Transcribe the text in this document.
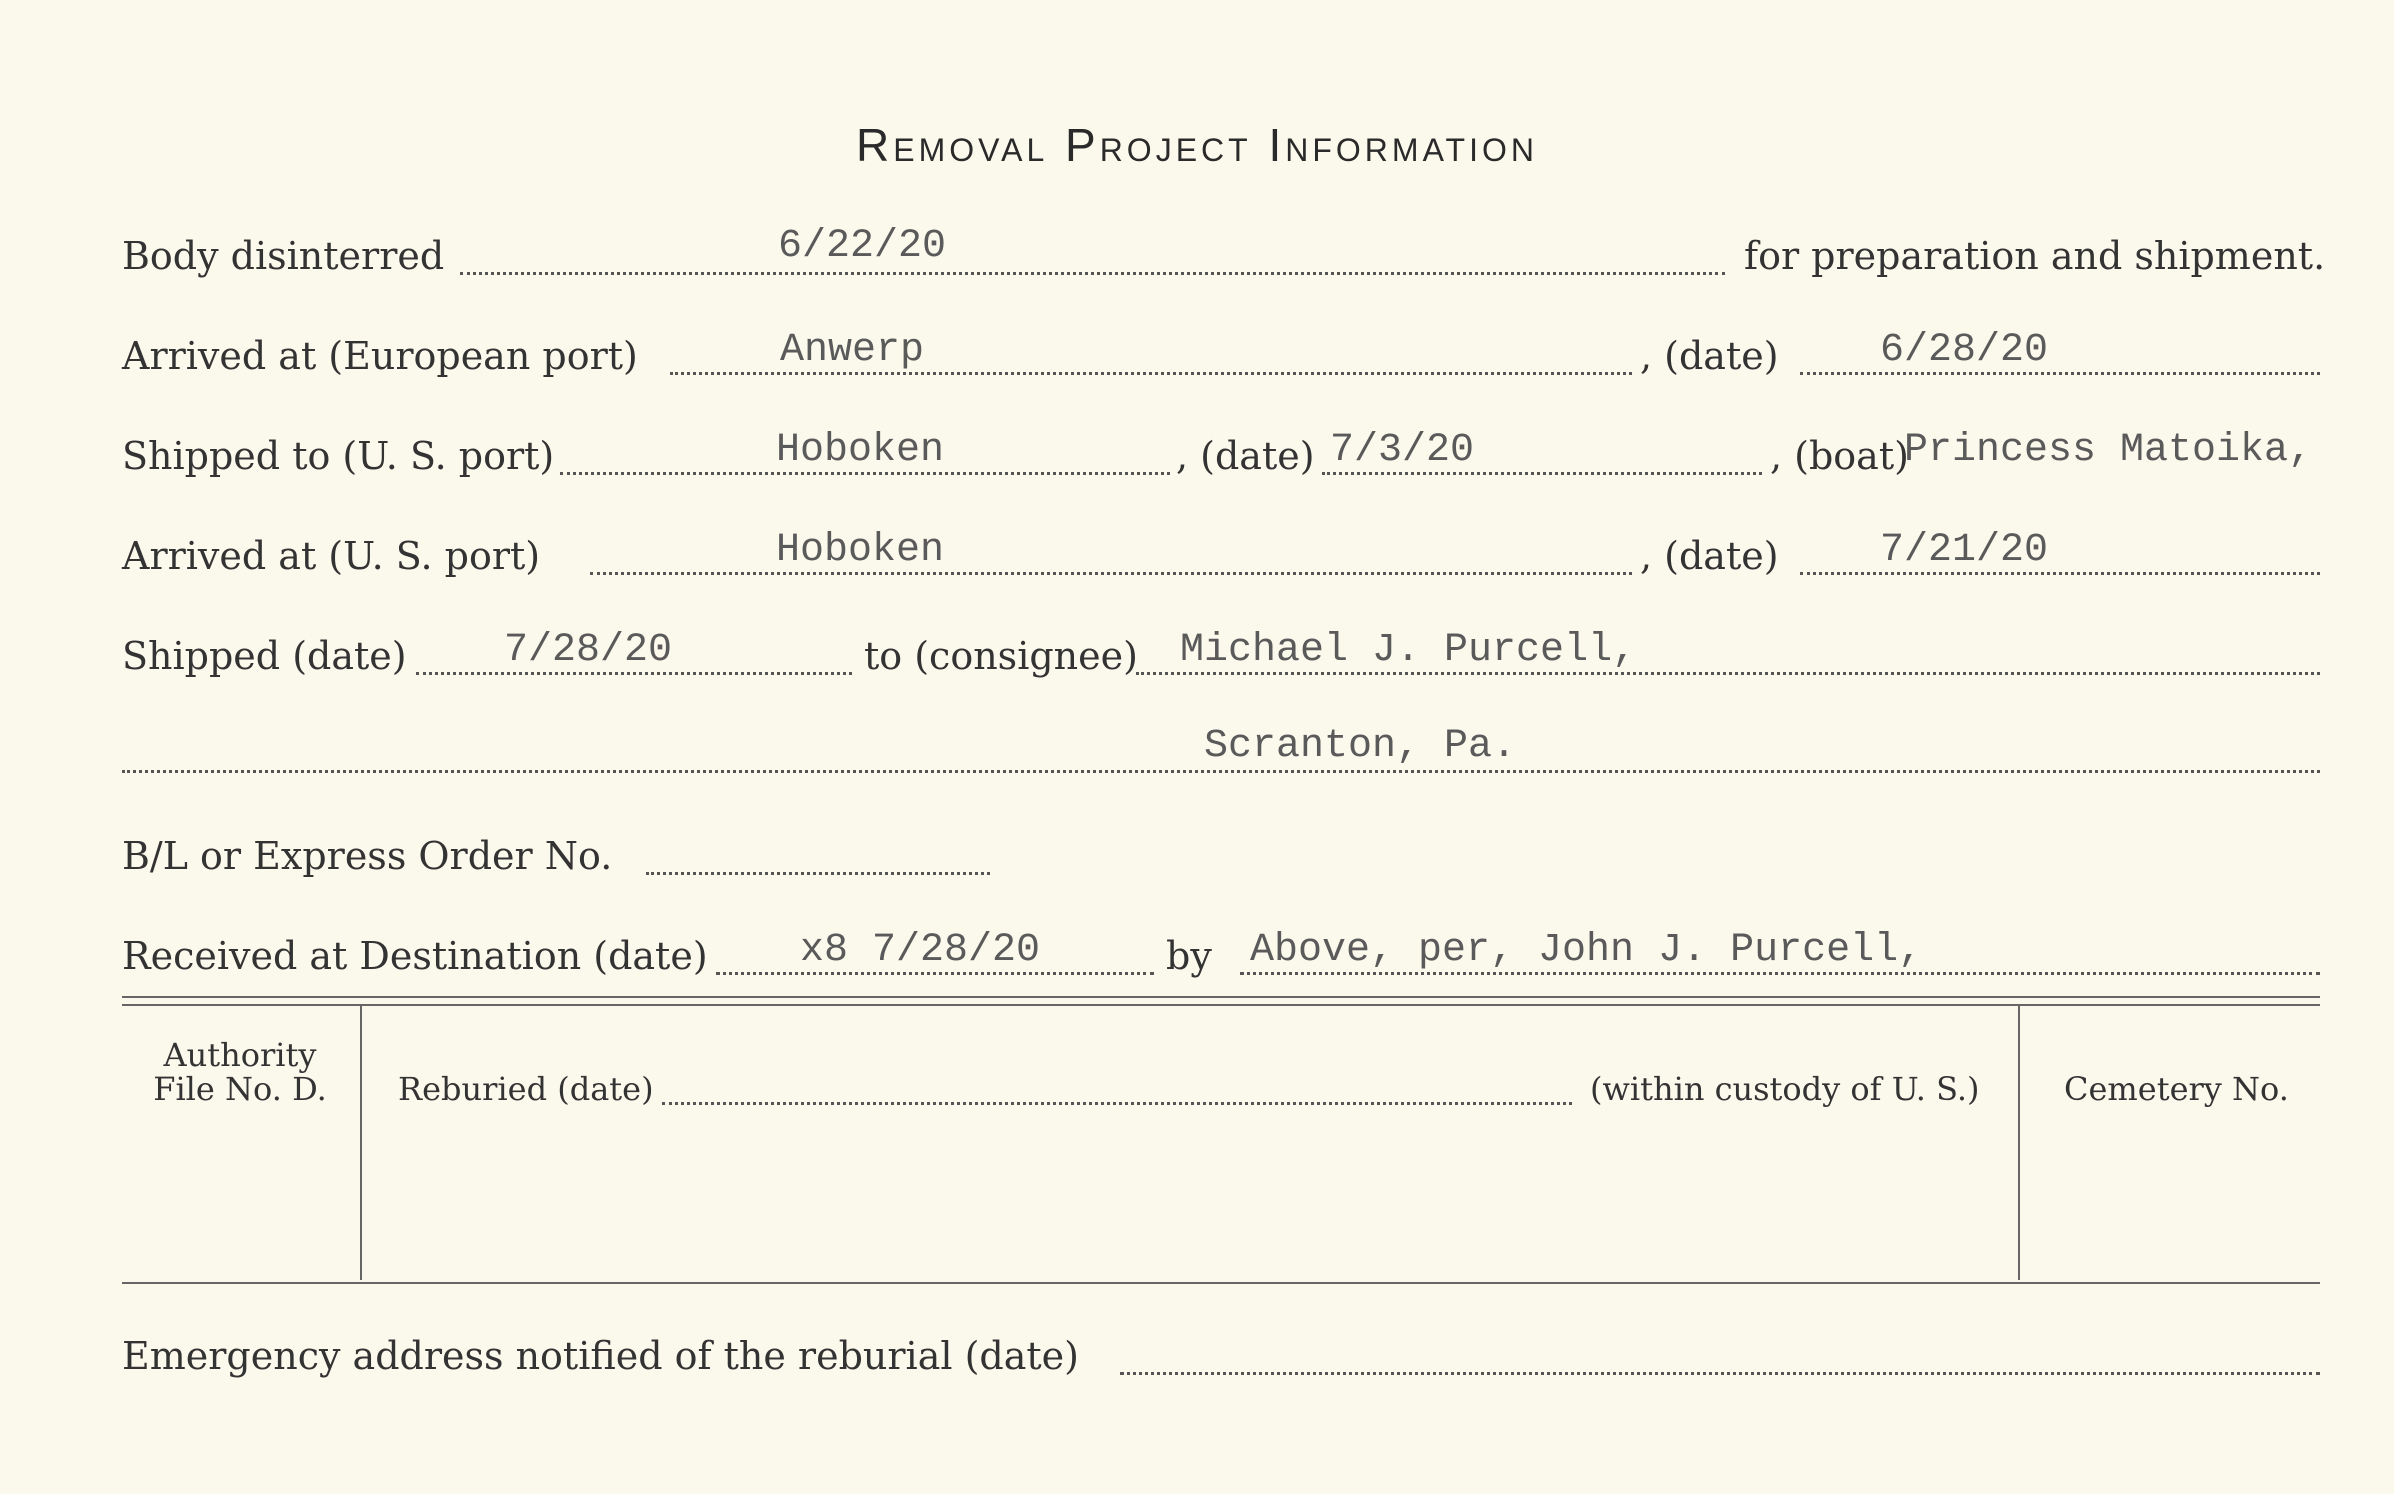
Removal Project Information
Body disinterred	6/22/20	for preparation and shipment.
Arrived at (European port)	Anwerp	, (date)	6/28/20
Shipped to (U. S. port)	Hoboken	, (date) 7/3/20	, (boat)
Princess Matoika,
Arrived at (U. S. port)	Hoboken	, (date)	7/21/20
Shipped (date) 7/28/20	to (consignee) Michael J. Purcell,
Scranton, Pa.
B/L or Express Order No.
Received at Destination (date) x8 7/28/20	by Above, per, John J. Purcell,
Authority
File No. D.	Reburied (date)	(within custody of U. S.)	Cemetery No.
Emergency address notified of the reburial (date)
